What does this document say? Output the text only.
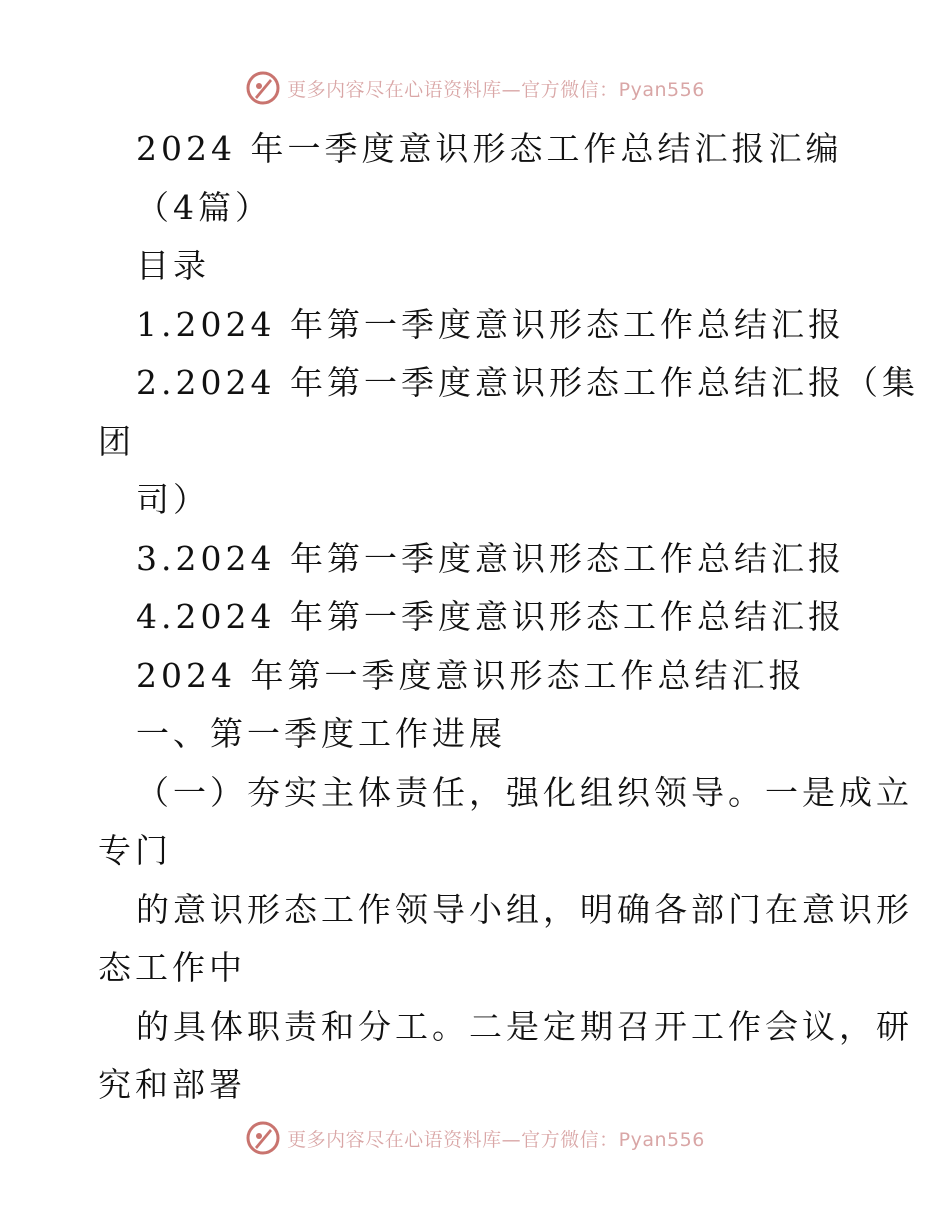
更多内容尽在心语资料库—官方微信：Pyan556
2024 年一季度意识形态工作总结汇报汇编
（4篇）
目录
1.2024 年第一季度意识形态工作总结汇报
2.2024 年第一季度意识形态工作总结汇报（集
团
司）
3.2024 年第一季度意识形态工作总结汇报
4.2024 年第一季度意识形态工作总结汇报
2024 年第一季度意识形态工作总结汇报
一、第一季度工作进展
（一）夯实主体责任，强化组织领导。一是成立
专门
的意识形态工作领导小组，明确各部门在意识形
态工作中
的具体职责和分工。二是定期召开工作会议，研
究和部署
更多内容尽在心语资料库—官方微信：Pyan556
